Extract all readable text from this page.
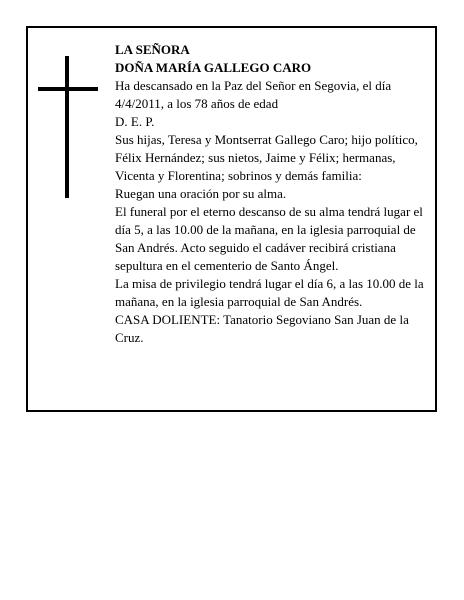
LA SEÑORA

DOÑA MARÍA GALLEGO CARO

Ha descansado en la Paz del Señor en Segovia, el día 4/4/2011, a los 78 años de edad

D. E. P.

Sus hijas, Teresa y Montserrat Gallego Caro; hijo político, Félix Hernández; sus nietos, Jaime y Félix; hermanas, Vicenta y Florentina; sobrinos y demás familia:

Ruegan una oración por su alma.

El funeral por el eterno descanso de su alma tendrá lugar el día 5, a las 10.00 de la mañana, en la iglesia parroquial de San Andrés. Acto seguido el cadáver recibirá cristiana sepultura en el cementerio de Santo Ángel.

La misa de privilegio tendrá lugar el día 6, a las 10.00 de la mañana, en la iglesia parroquial de San Andrés.

CASA DOLIENTE: Tanatorio Segoviano San Juan de la Cruz.
